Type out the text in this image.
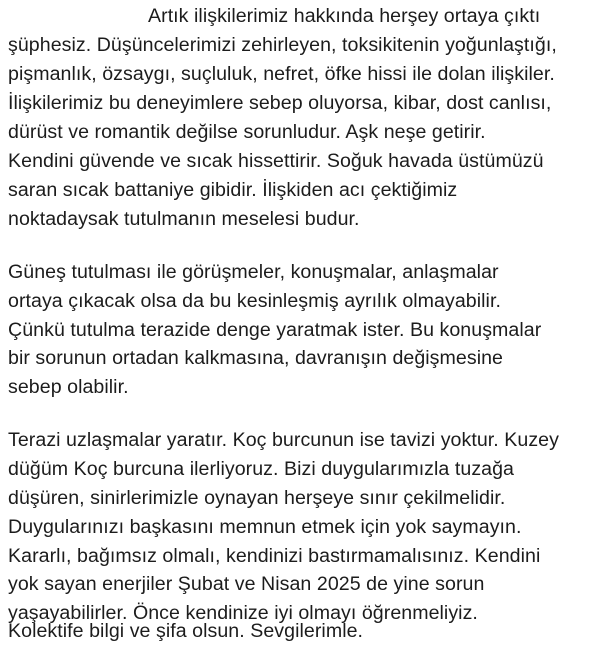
Artık ilişkilerimiz hakkında herşey ortaya çıktı
şüphesiz. Düşüncelerimizi zehirleyen, toksikitenin yoğunlaştığı,
pişmanlık, özsaygı, suçluluk, nefret, öfke hissi ile dolan ilişkiler.
İlişkilerimiz bu deneyimlere sebep oluyorsa, kibar, dost canlısı,
dürüst ve romantik değilse sorunludur. Aşk neşe getirir.
Kendini güvende ve sıcak hissettirir. Soğuk havada üstümüzü
saran sıcak battaniye gibidir. İlişkiden acı çektiğimiz
noktadaysak tutulmanın meselesi budur.
Güneş tutulması ile görüşmeler, konuşmalar, anlaşmalar
ortaya çıkacak olsa da bu kesinleşmiş ayrılık olmayabilir.
Çünkü tutulma terazide denge yaratmak ister. Bu konuşmalar
bir sorunun ortadan kalkmasına, davranışın değişmesine
sebep olabilir.
Terazi uzlaşmalar yaratır. Koç burcunun ise tavizi yoktur. Kuzey
düğüm Koç burcuna ilerliyoruz. Bizi duygularımızla tuzağa
düşüren, sinirlerimizle oynayan herşeye sınır çekilmelidir.
Duygularınızı başkasını memnun etmek için yok saymayın.
Kararlı, bağımsız olmalı, kendinizi bastırmamalısınız. Kendini
yok sayan enerjiler Şubat ve Nisan 2025 de yine sorun
yaşayabilirler. Önce kendinize iyi olmayı öğrenmeliyiz.
Kolektife bilgi ve şifa olsun. Sevgilerimle.
